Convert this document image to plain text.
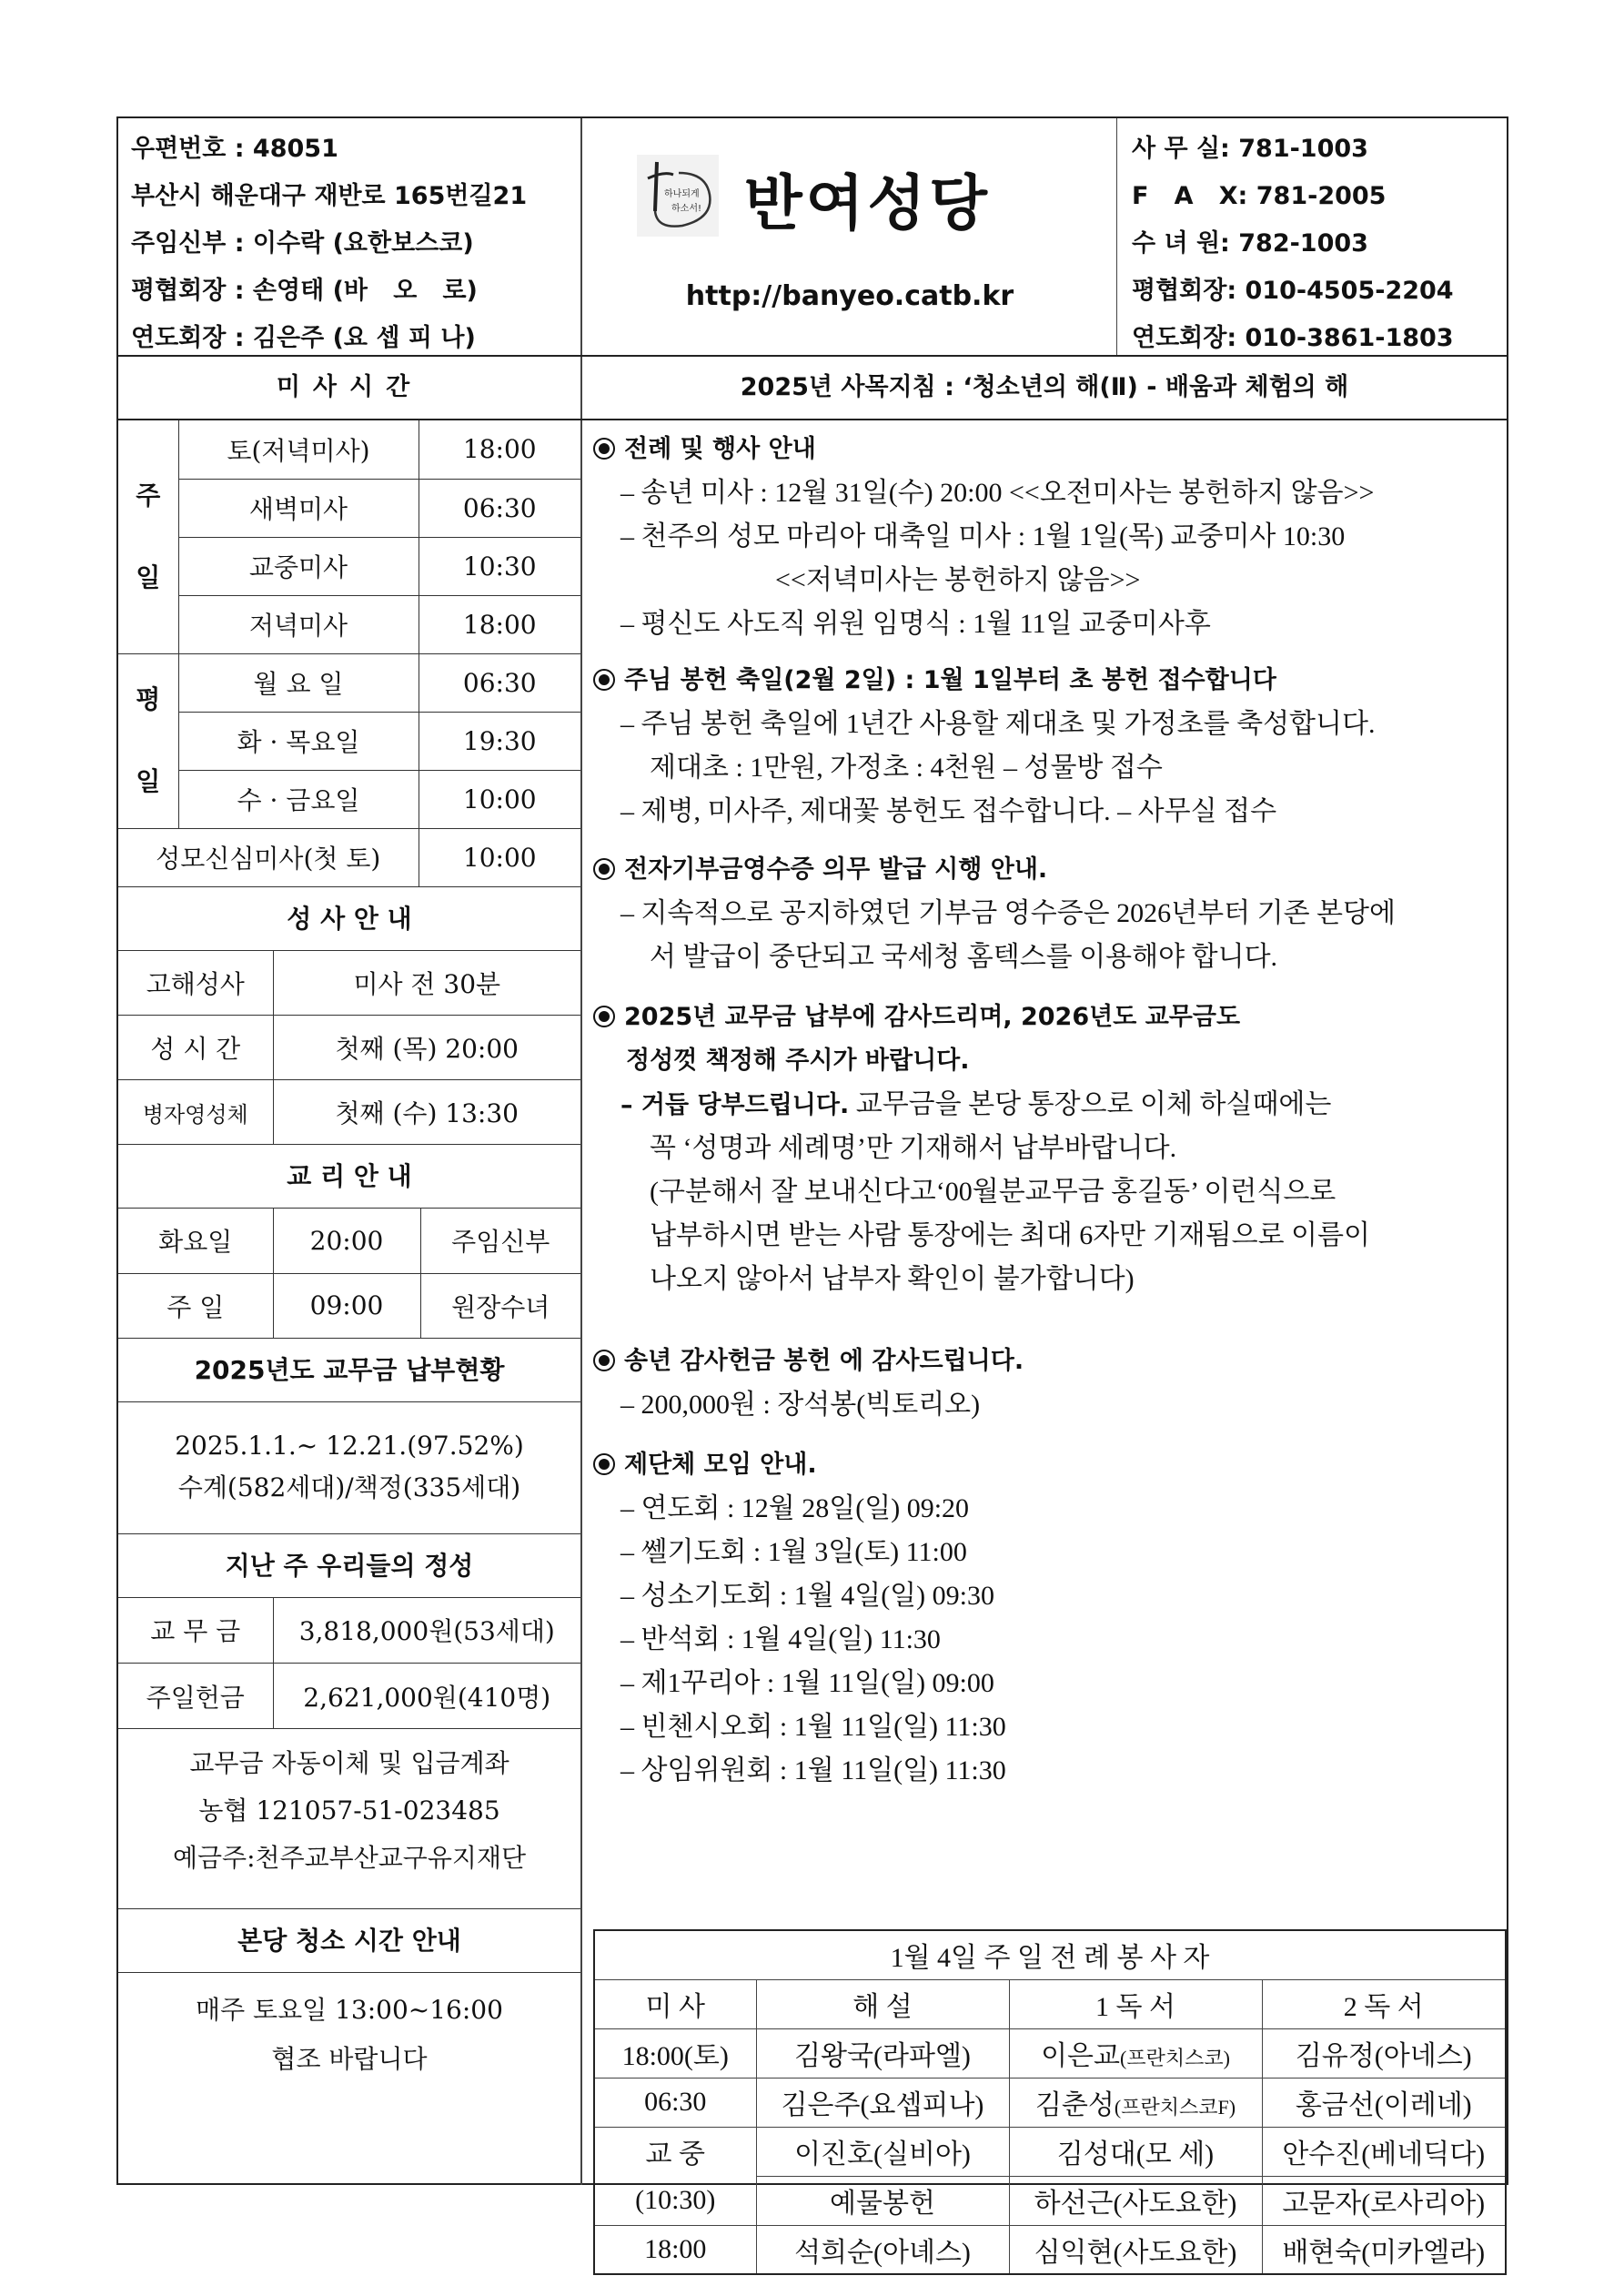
우편번호 : 48051
부산시 해운대구 재반로 165번길21
주임신부 : 이수락 (요한보스코)
평협회장 : 손영태 (바   오   로)
연도회장 : 김은주 (요 셉 피 나)
하나되게
하소서! 반여성당
http://banyeo.catb.kr
사 무 실: 781-1003
F   A   X: 781-2005
수 녀 원: 782-1003
평협회장: 010-4505-2204
연도회장: 010-3861-1803
미사시간	2025년 사목지침 : ‘청소년의 해(Ⅱ) - 배움과 체험의 해
주
일	토(저녁미사)	18:00
	새벽미사	06:30
	교중미사	10:30
	저녁미사	18:00

평
일	월 요 일	06:30
	화 · 목요일	19:30
	수 · 금요일	10:00
성모신심미사(첫 토)		10:00
성 사 안 내
고해성사	미사 전 30분
성 시 간	첫째 (목) 20:00
병자영성체	첫째 (수) 13:30
교 리 안 내
화요일	20:00	주임신부
주 일	09:00	원장수녀
2025년도 교무금 납부현황
2025.1.1.~ 12.21.(97.52%)
수계(582세대)/책정(335세대)
지난 주 우리들의 정성
교 무 금	3,818,000원(53세대)
주일헌금	2,621,000원(410명)
교무금 자동이체 및 입금계좌
농협 121057-51-023485
예금주:천주교부산교구유지재단
본당 청소 시간 안내
매주 토요일 13:00~16:00
협조 바랍니다
전례 및 행사 안내
– 송년 미사 : 12월 31일(수) 20:00 <<오전미사는 봉헌하지 않음>>
– 천주의 성모 마리아 대축일 미사 : 1월 1일(목) 교중미사 10:30
<<저녁미사는 봉헌하지 않음>>
– 평신도 사도직 위원 임명식 : 1월 11일 교중미사후
주님 봉헌 축일(2월 2일) : 1월 1일부터 초 봉헌 접수합니다
– 주님 봉헌 축일에 1년간 사용할 제대초 및 가정초를 축성합니다.
제대초 : 1만원, 가정초 : 4천원 – 성물방 접수
– 제병, 미사주, 제대꽃 봉헌도 접수합니다. – 사무실 접수
전자기부금영수증 의무 발급 시행 안내.
– 지속적으로 공지하였던 기부금 영수증은 2026년부터 기존 본당에
서 발급이 중단되고 국세청 홈텍스를 이용해야 합니다.
2025년 교무금 납부에 감사드리며, 2026년도 교무금도
정성껏 책정해 주시가 바랍니다.
– 거듭 당부드립니다. 교무금을 본당 통장으로 이체 하실때에는
꼭 ‘성명과 세례명’만 기재해서 납부바랍니다.
(구분해서 잘 보내신다고‘00월분교무금 홍길동’ 이런식으로
납부하시면 받는 사람 통장에는 최대 6자만 기재됨으로 이름이
나오지 않아서 납부자 확인이 불가합니다)
송년 감사헌금 봉헌 에 감사드립니다.
– 200,000원 : 장석봉(빅토리오)
제단체 모임 안내.
– 연도회 : 12월 28일(일) 09:20
– 쎌기도회 : 1월 3일(토) 11:00
– 성소기도회 : 1월 4일(일) 09:30
– 반석회 : 1월 4일(일) 11:30
– 제1꾸리아 : 1월 11일(일) 09:00
– 빈첸시오회 : 1월 11일(일) 11:30
– 상임위원회 : 1월 11일(일) 11:30
1월 4일 주 일 전 례 봉 사 자			
미 사	해 설	1 독 서	2 독 서
18:00(토)	김왕국(라파엘)	이은교(프란치스코)	김유정(아네스)
06:30	김은주(요셉피나)	김춘성(프란치스코F)	홍금선(이레네)
교 중	이진호(실비아)	김성대(모 세)	안수진(베네딕다)
(10:30)	예물봉헌	하선근(사도요한)	고문자(로사리아)
18:00	석희순(아녜스)	심익현(사도요한)	배현숙(미카엘라)
